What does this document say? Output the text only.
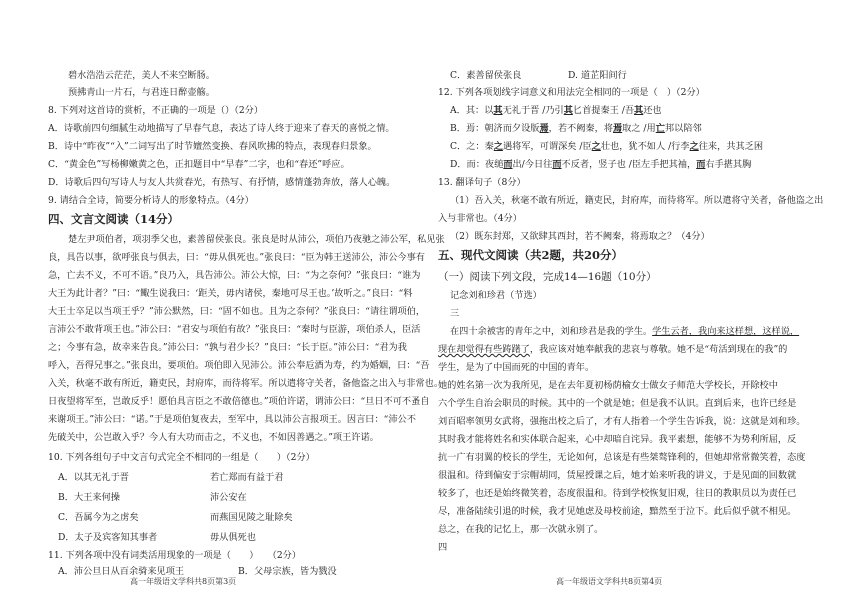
碧水浩浩云茫茫，美人不来空断肠。
预拂青山一片石，与君连日醉壶觞。
8. 下列对这首诗的赏析，不正确的一项是（）（2分）
A．诗歌前四句细腻生动地描写了早春气息，表达了诗人终于迎来了春天的喜悦之情。
B．诗中“昨夜”“入”二词写出了时节嬗然变换、春风吹拂的特点，表现春归景象。
C．“黄金色”写杨柳嫩黄之色，正扣题目中“早春”二字，也和“春还”呼应。
D．诗歌后四句写诗人与友人共赏春光，有热写、有抒情，感情蓬勃奔放，落人心魄。
9. 请结合全诗，简要分析诗人的形象特点。（4分）
四、文言文阅读（14分）
楚左尹项伯者，项羽季父也，素善留侯张良。张良是时从沛公，项伯乃夜驰之沛公军，私见张
良，具告以事，欲呼张良与俱去，曰：“毋从俱死也。”张良曰：“臣为韩王送沛公，沛公今事有
急，亡去不义，不可不语。”良乃入，具告沛公。沛公大惊，曰：“为之奈何？”张良曰：“谁为
大王为此计者？”曰：“鲰生说我曰：‘距关，毋内诸侯，秦地可尽王也。’故听之。”良曰：“料
大王士卒足以当项王乎？”沛公默然，曰：“固不如也。且为之奈何？”张良曰：“请往谓项伯，
言沛公不敢背项王也。”沛公曰：“君安与项伯有故？”张良曰：“秦时与臣游，项伯杀人，臣活
之；今事有急，故幸来告良。”沛公曰：“孰与君少长？”良曰：“长于臣。”沛公曰：“君为我
呼入，吾得兄事之。”张良出，要项伯。项伯即入见沛公。沛公奉卮酒为寿，约为婚姻，曰：“吾
入关，秋毫不敢有所近，籍吏民，封府库，而待将军。所以遣将守关者，备他盗之出入与非常也。
日夜望将军至，岂敢反乎！愿伯具言臣之不敢倍德也。”项伯许诺，谓沛公曰：“旦日不可不蚤自
来谢项王。”沛公曰：“诺。”于是项伯复夜去，至军中，具以沛公言报项王。因言曰：“沛公不
先破关中，公岂敢入乎？今人有大功而击之，不义也，不如因善遇之。”项王许诺。
10. 下列各组句子中文言句式完全不相同的一组是（　　）（2分）
A．以其无礼于晋	若亡郑而有益于君
B．大王来何操	沛公安在
C．吾属今为之虏矣	而燕国见陵之耻除矣
D．太子及宾客知其事者	毋从俱死也
11. 下列各项中没有词类活用现象的一项是（　　）　　（2分）
A．沛公旦日从百余骑来见项王	B．父母宗族，皆为戮没
高一年级语文学科共8页第3页
C．素善留侯张良	D. 道芷阳间行
12. 下列各项划线字词意义和用法完全相同的一项是（　）（2分）
A．其：以其无礼于晋 /乃引其匕首提秦王 /吾其还也
B．焉：朝济而夕设版焉，若不阙秦，将焉取之 /用亡邦以陪邻
C．之：秦之遇将军，可谓深矣 /臣之壮也，犹不如人 /行李之往来，共其乏困
D．而：夜缒而出/今日往而不反者，竖子也 /臣左手把其袖，而右手揕其胸
13. 翻译句子（8分）
（1）吾入关，秋毫不敢有所近，籍吏民，封府库，而待将军。所以遣将守关者，备他盗之出
入与非常也。（4分）
（2）既东封郑，又欲肆其西封，若不阙秦，将焉取之？（4分）
五、现代文阅读（共2题，共20分）
（一）阅读下列文段，完成14—16题（10分）
记念刘和珍君（节选）
三
在四十余被害的青年之中，刘和珍君是我的学生。学生云者，我向来这样想，这样说，
现在却觉得有些踌躇了，我应该对她奉献我的悲哀与尊敬。她不是“苟活到现在的我”的
学生，是为了中国而死的中国的青年。
她的姓名第一次为我所见，是在去年夏初杨荫榆女士做女子师范大学校长，开除校中
六个学生自治会职员的时候。其中的一个就是她；但是我不认识。直到后来，也许已经是
刘百昭率领男女武将，强拖出校之后了，才有人指着一个学生告诉我，说：这就是刘和珍。
其时我才能将姓名和实体联合起来，心中却暗自诧异。我平素想，能够不为势利所屈，反
抗一广有羽翼的校长的学生，无论如何，总该是有些桀骜锋利的，但她却常常微笑着，态度
很温和。待到偏安于宗帽胡同，赁屋授课之后，她才始来听我的讲义，于是见面的回数就
较多了，也还是始终微笑着，态度很温和。待到学校恢复旧观，往日的教职员以为责任已
尽，准备陆续引退的时候，我才见她虑及母校前途，黯然至于泣下。此后似乎就不相见。
总之，在我的记忆上，那一次就永别了。
四
高一年级语文学科共8页第4页
